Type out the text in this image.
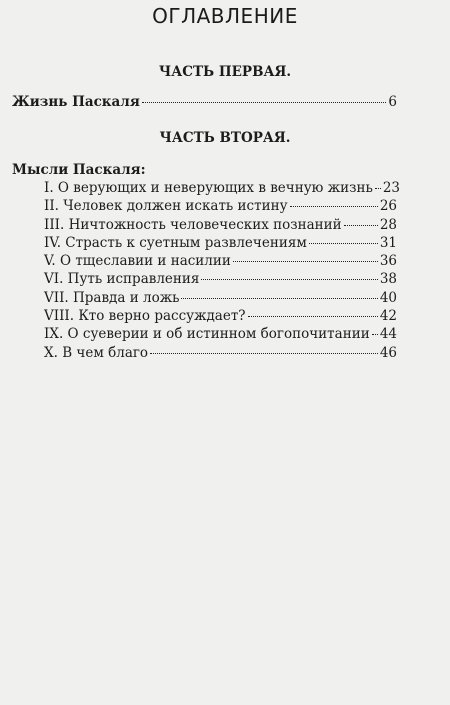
ОГЛАВЛЕНИЕ
ЧАСТЬ ПЕРВАЯ.
Жизнь Паскаля	6
ЧАСТЬ ВТОРАЯ.
Мысли Паскаля:
I. О верующих и неверующих в вечную жизнь 23
II. Человек должен искать истину	26
III. Ничтожность человеческих познаний	28
IV. Страсть к суетным развлечениям	31
V. О тщеславии и насилии	36
VI. Путь исправления	38
VII. Правда и ложь	40
VIII. Кто верно рассуждает?	42
IX. О суеверии и об истинном богопочитании 44
X. В чем благо	46
